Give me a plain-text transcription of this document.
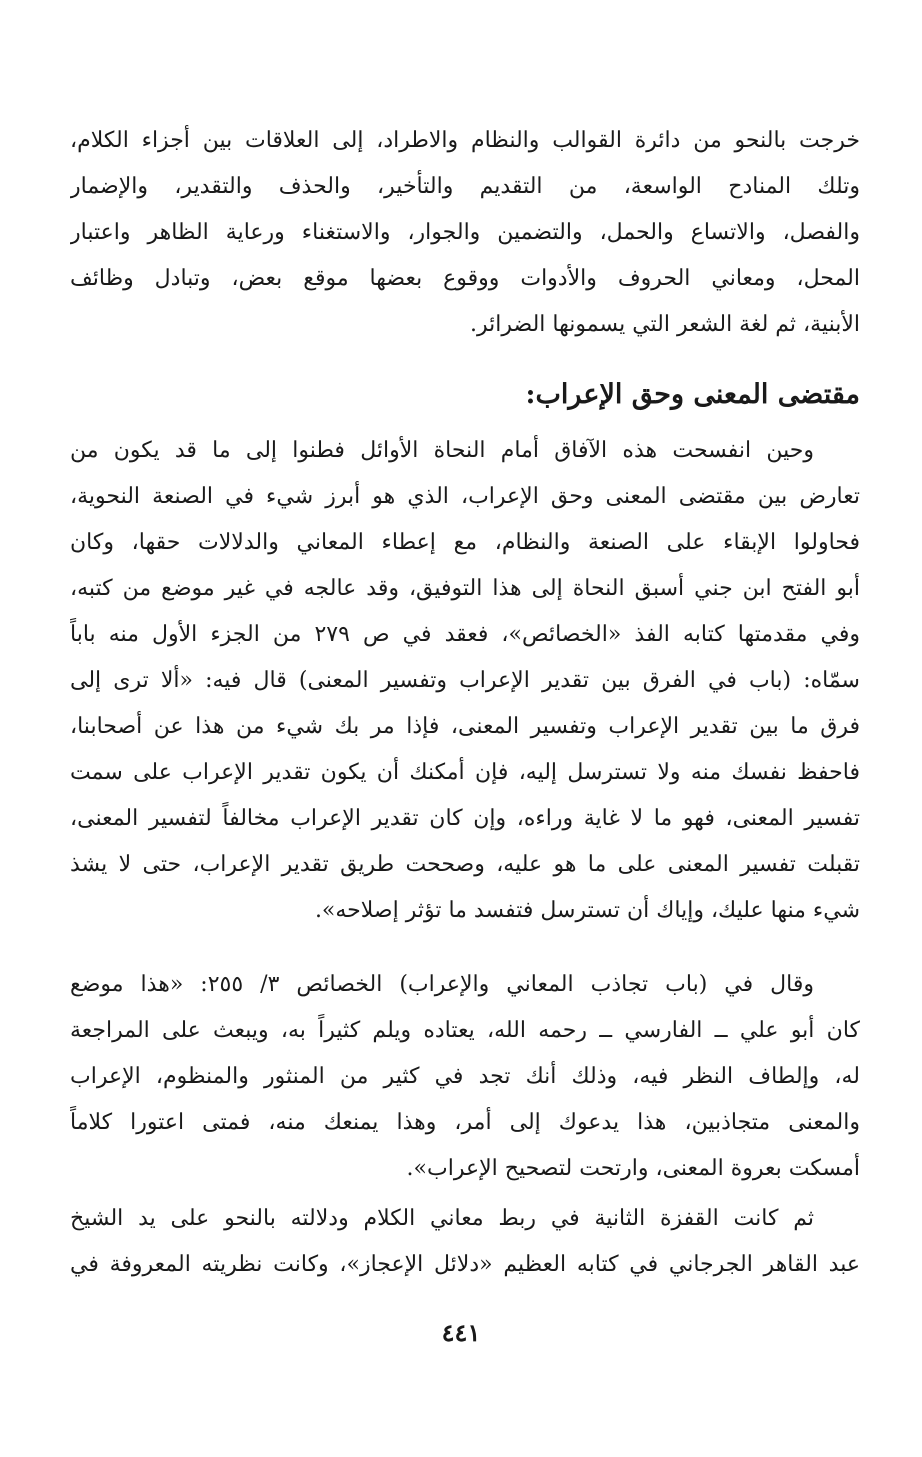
خرجت بالنحو من دائرة القوالب والنظام والاطراد، إلى العلاقات بين أجزاء الكلام،
وتلك المنادح الواسعة، من التقديم والتأخير، والحذف والتقدير، والإضمار
والفصل، والاتساع والحمل، والتضمين والجوار، والاستغناء ورعاية الظاهر واعتبار
المحل، ومعاني الحروف والأدوات ووقوع بعضها موقع بعض، وتبادل وظائف
الأبنية، ثم لغة الشعر التي يسمونها الضرائر.
مقتضى المعنى وحق الإعراب:
وحين انفسحت هذه الآفاق أمام النحاة الأوائل فطنوا إلى ما قد يكون من
تعارض بين مقتضى المعنى وحق الإعراب، الذي هو أبرز شيء في الصنعة النحوية،
فحاولوا الإبقاء على الصنعة والنظام، مع إعطاء المعاني والدلالات حقها، وكان
أبو الفتح ابن جني أسبق النحاة إلى هذا التوفيق، وقد عالجه في غير موضع من كتبه،
وفي مقدمتها كتابه الفذ «الخصائص»، فعقد في ص ٢٧٩ من الجزء الأول منه باباً
سمّاه: (باب في الفرق بين تقدير الإعراب وتفسير المعنى) قال فيه: «ألا ترى إلى
فرق ما بين تقدير الإعراب وتفسير المعنى، فإذا مر بك شيء من هذا عن أصحابنا،
فاحفظ نفسك منه ولا تسترسل إليه، فإن أمكنك أن يكون تقدير الإعراب على سمت
تفسير المعنى، فهو ما لا غاية وراءه، وإن كان تقدير الإعراب مخالفاً لتفسير المعنى،
تقبلت تفسير المعنى على ما هو عليه، وصححت طريق تقدير الإعراب، حتى لا يشذ
شيء منها عليك، وإياك أن تسترسل فتفسد ما تؤثر إصلاحه».
وقال في (باب تجاذب المعاني والإعراب) الخصائص ٣/ ٢٥٥: «هذا موضع
كان أبو علي ــ الفارسي ــ رحمه الله، يعتاده ويلم كثيراً به، ويبعث على المراجعة
له، وإلطاف النظر فيه، وذلك أنك تجد في كثير من المنثور والمنظوم، الإعراب
والمعنى متجاذبين، هذا يدعوك إلى أمر، وهذا يمنعك منه، فمتى اعتورا كلاماً
أمسكت بعروة المعنى، وارتحت لتصحيح الإعراب».
ثم كانت القفزة الثانية في ربط معاني الكلام ودلالته بالنحو على يد الشيخ
عبد القاهر الجرجاني في كتابه العظيم «دلائل الإعجاز»، وكانت نظريته المعروفة في
٤٤١
